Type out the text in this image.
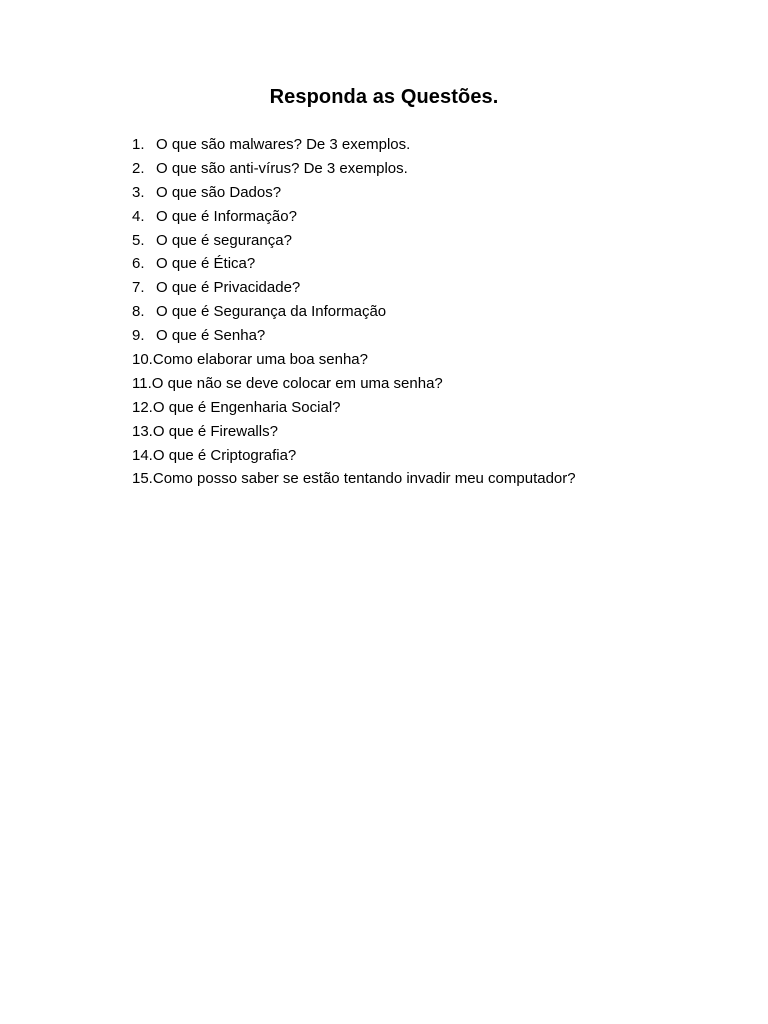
Responda as Questões.
1. O que são malwares? De 3 exemplos.
2. O que são anti-vírus? De 3 exemplos.
3. O que são Dados?
4. O que é Informação?
5. O que é segurança?
6. O que é Ética?
7. O que é Privacidade?
8. O que é Segurança da Informação
9. O que é Senha?
10. Como elaborar uma boa senha?
11. O que não se deve colocar em uma senha?
12. O que é Engenharia Social?
13. O que é Firewalls?
14. O que é Criptografia?
15. Como posso saber se estão tentando invadir meu computador?
